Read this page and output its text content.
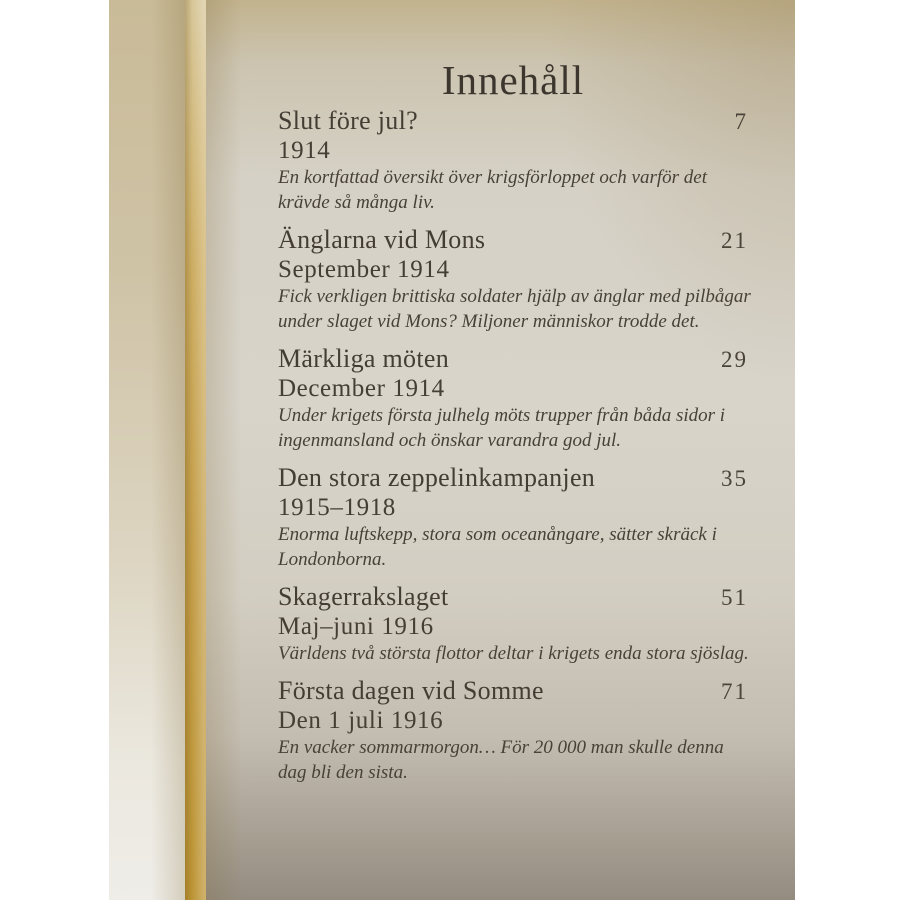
Innehåll
Slut före jul?	7
1914
En kortfattad översikt över krigsförloppet och varför det
krävde så många liv.
Änglarna vid Mons	21
September 1914
Fick verkligen brittiska soldater hjälp av änglar med pilbågar
under slaget vid Mons? Miljoner människor trodde det.
Märkliga möten	29
December 1914
Under krigets första julhelg möts trupper från båda sidor i
ingenmansland och önskar varandra god jul.
Den stora zeppelinkampanjen	35
1915–1918
Enorma luftskepp, stora som oceanångare, sätter skräck i
Londonborna.
Skagerrakslaget	51
Maj–juni 1916
Världens två största flottor deltar i krigets enda stora sjöslag.
Första dagen vid Somme	71
Den 1 juli 1916
En vacker sommarmorgon… För 20 000 man skulle denna
dag bli den sista.
